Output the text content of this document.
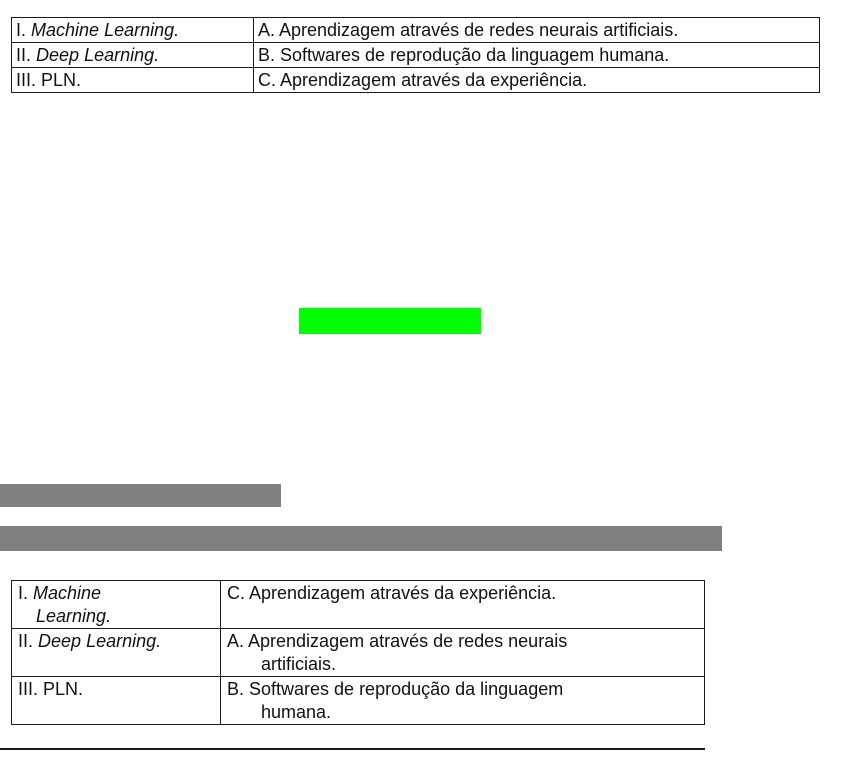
I. Machine Learning.	A. Aprendizagem através de redes neurais artificiais.
II. Deep Learning.	B. Softwares de reprodução da linguagem humana.
III. PLN.	C. Aprendizagem através da experiência.
I. Machine
Learning.	C. Aprendizagem através da experiência.
II. Deep Learning.	A. Aprendizagem através de redes neurais
artificiais.

III. PLN.	B. Softwares de reprodução da linguagem
humana.
